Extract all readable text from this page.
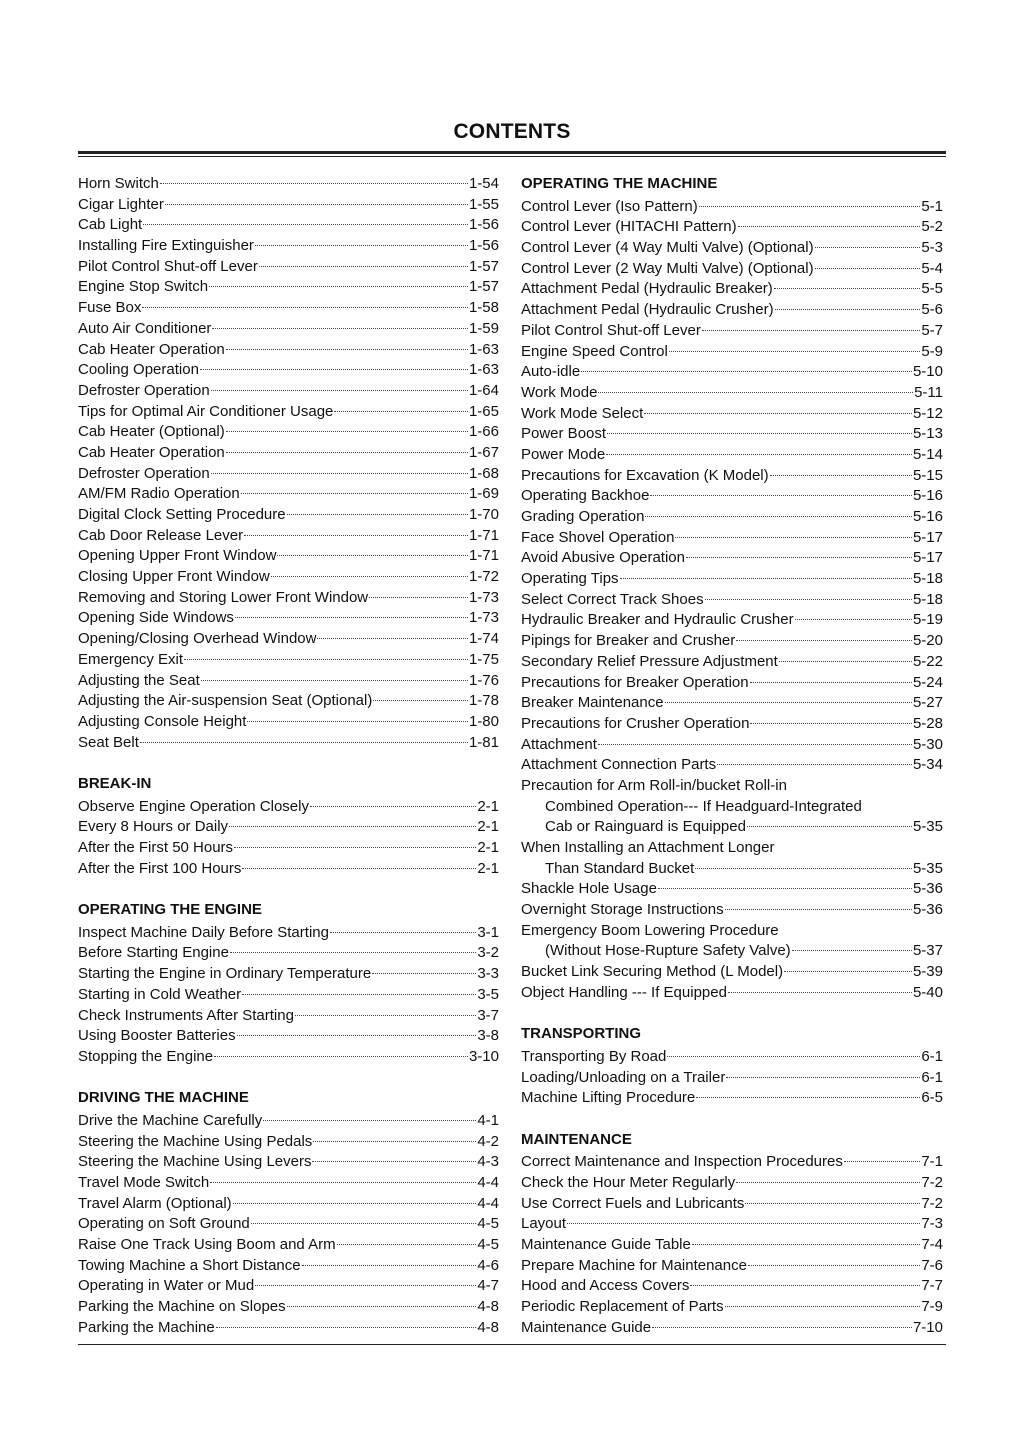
CONTENTS
Horn Switch	1-54
Cigar Lighter	1-55
Cab Light	1-56
Installing Fire Extinguisher	1-56
Pilot Control Shut-off Lever	1-57
Engine Stop Switch	1-57
Fuse Box	1-58
Auto Air Conditioner	1-59
Cab Heater Operation	1-63
Cooling Operation	1-63
Defroster Operation	1-64
Tips for Optimal Air Conditioner Usage	1-65
Cab Heater (Optional)	1-66
Cab Heater Operation	1-67
Defroster Operation	1-68
AM/FM Radio Operation	1-69
Digital Clock Setting Procedure	1-70
Cab Door Release Lever	1-71
Opening Upper Front Window	1-71
Closing Upper Front Window	1-72
Removing and Storing Lower Front Window	1-73
Opening Side Windows	1-73
Opening/Closing Overhead Window	1-74
Emergency Exit	1-75
Adjusting the Seat	1-76
Adjusting the Air-suspension Seat (Optional)	1-78
Adjusting Console Height	1-80
Seat Belt	1-81
BREAK-IN
Observe Engine Operation Closely	2-1
Every 8 Hours or Daily	2-1
After the First 50 Hours	2-1
After the First 100 Hours	2-1
OPERATING THE ENGINE
Inspect Machine Daily Before Starting	3-1
Before Starting Engine	3-2
Starting the Engine in Ordinary Temperature	3-3
Starting in Cold Weather	3-5
Check Instruments After Starting	3-7
Using Booster Batteries	3-8
Stopping the Engine	3-10
DRIVING THE MACHINE
Drive the Machine Carefully	4-1
Steering the Machine Using Pedals	4-2
Steering the Machine Using Levers	4-3
Travel Mode Switch	4-4
Travel Alarm (Optional)	4-4
Operating on Soft Ground	4-5
Raise One Track Using Boom and Arm	4-5
Towing Machine a Short Distance	4-6
Operating in Water or Mud	4-7
Parking the Machine on Slopes	4-8
Parking the Machine	4-8
OPERATING THE MACHINE
Control Lever (Iso Pattern)	5-1
Control Lever (HITACHI Pattern)	5-2
Control Lever (4 Way Multi Valve) (Optional)	5-3
Control Lever (2 Way Multi Valve) (Optional)	5-4
Attachment Pedal (Hydraulic Breaker)	5-5
Attachment Pedal (Hydraulic Crusher)	5-6
Pilot Control Shut-off Lever	5-7
Engine Speed Control	5-9
Auto-idle	5-10
Work Mode	5-11
Work Mode Select	5-12
Power Boost	5-13
Power Mode	5-14
Precautions for Excavation (K Model)	5-15
Operating Backhoe	5-16
Grading Operation	5-16
Face Shovel Operation	5-17
Avoid Abusive Operation	5-17
Operating Tips	5-18
Select Correct Track Shoes	5-18
Hydraulic Breaker and Hydraulic Crusher	5-19
Pipings for Breaker and Crusher	5-20
Secondary Relief Pressure Adjustment	5-22
Precautions for Breaker Operation	5-24
Breaker Maintenance	5-27
Precautions for Crusher Operation	5-28
Attachment	5-30
Attachment Connection Parts	5-34
Precaution for Arm Roll-in/bucket Roll-in
Combined Operation--- If Headguard-Integrated
Cab or Rainguard is Equipped	5-35
When Installing an Attachment Longer
Than Standard Bucket	5-35
Shackle Hole Usage	5-36
Overnight Storage Instructions	5-36
Emergency Boom Lowering Procedure
(Without Hose-Rupture Safety Valve)	5-37
Bucket Link Securing Method (L Model)	5-39
Object Handling --- If Equipped	5-40
TRANSPORTING
Transporting By Road	6-1
Loading/Unloading on a Trailer	6-1
Machine Lifting Procedure	6-5
MAINTENANCE
Correct Maintenance and Inspection Procedures	7-1
Check the Hour Meter Regularly	7-2
Use Correct Fuels and Lubricants	7-2
Layout	7-3
Maintenance Guide Table	7-4
Prepare Machine for Maintenance	7-6
Hood and Access Covers	7-7
Periodic Replacement of Parts	7-9
Maintenance Guide	7-10
